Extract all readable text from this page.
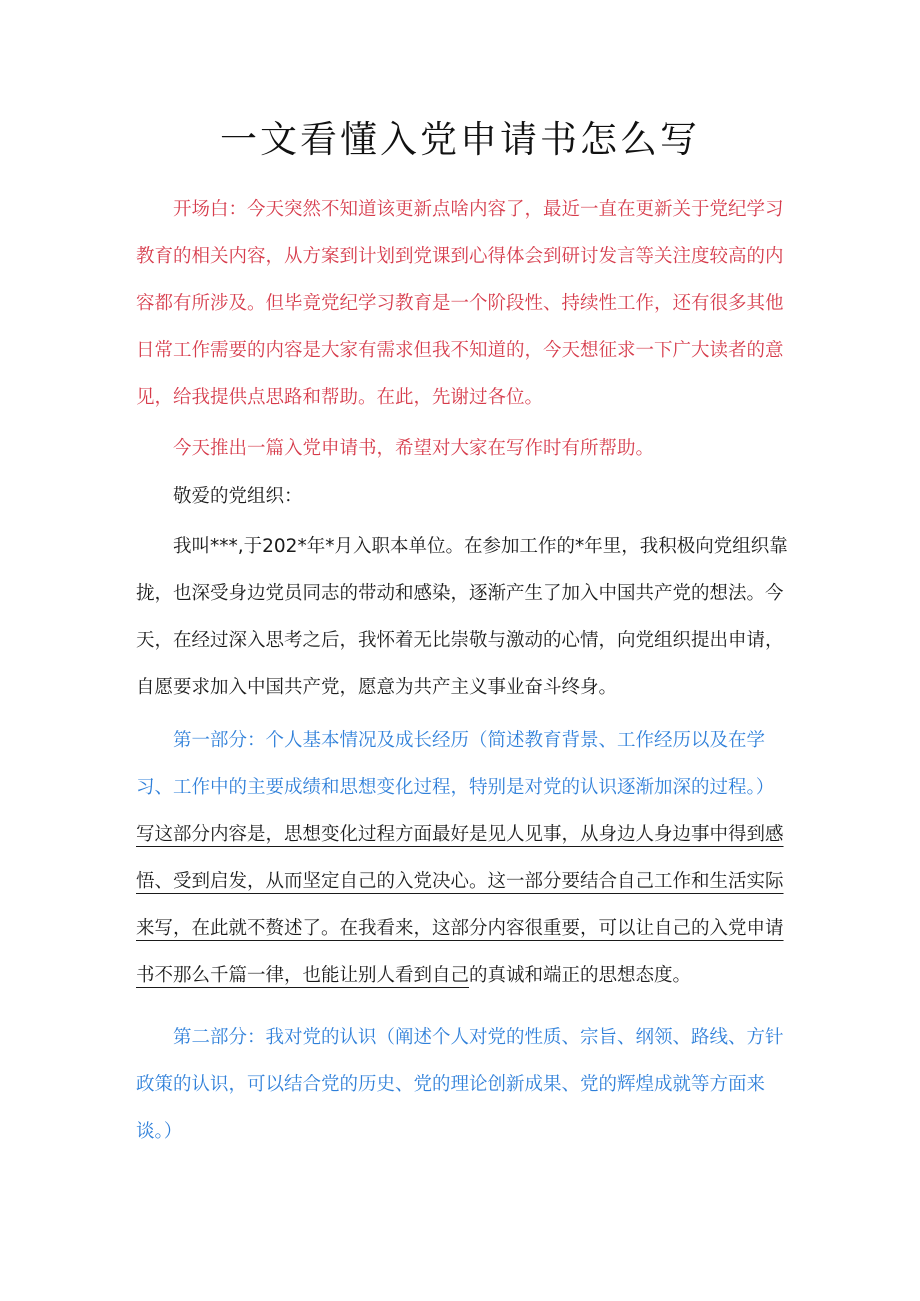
一文看懂入党申请书怎么写

开场白：今天突然不知道该更新点啥内容了，最近一直在更新关于党纪学习教育的相关内容，从方案到计划到党课到心得体会到研讨发言等关注度较高的内容都有所涉及。但毕竟党纪学习教育是一个阶段性、持续性工作，还有很多其他日常工作需要的内容是大家有需求但我不知道的，今天想征求一下广大读者的意见，给我提供点思路和帮助。在此，先谢过各位。

今天推出一篇入党申请书，希望对大家在写作时有所帮助。

敬爱的党组织：

我叫***,于202*年*月入职本单位。在参加工作的*年里，我积极向党组织靠拢，也深受身边党员同志的带动和感染，逐渐产生了加入中国共产党的想法。今天，在经过深入思考之后，我怀着无比崇敬与激动的心情，向党组织提出申请，自愿要求加入中国共产党，愿意为共产主义事业奋斗终身。

第一部分：个人基本情况及成长经历（简述教育背景、工作经历以及在学习、工作中的主要成绩和思想变化过程，特别是对党的认识逐渐加深的过程。）写这部分内容是，思想变化过程方面最好是见人见事，从身边人身边事中得到感悟、受到启发，从而坚定自己的入党决心。这一部分要结合自己工作和生活实际来写，在此就不赘述了。在我看来，这部分内容很重要，可以让自己的入党申请书不那么千篇一律，也能让别人看到自己的真诚和端正的思想态度。

第二部分：我对党的认识（阐述个人对党的性质、宗旨、纲领、路线、方针政策的认识，可以结合党的历史、党的理论创新成果、党的辉煌成就等方面来谈。）
